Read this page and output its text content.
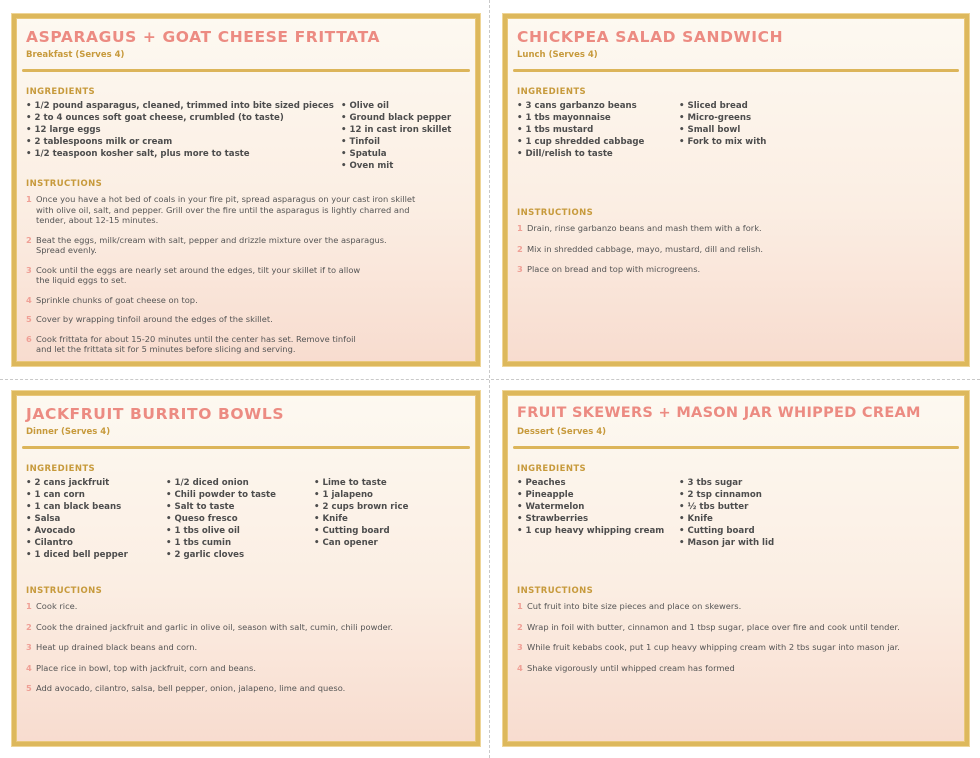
ASPARAGUS + GOAT CHEESE FRITTATA
Breakfast (Serves 4)
INGREDIENTS
• 1/2 pound asparagus, cleaned, trimmed into bite sized pieces
• 2 to 4 ounces soft goat cheese, crumbled (to taste)
• 12 large eggs
• 2 tablespoons milk or cream
• 1/2 teaspoon kosher salt, plus more to taste
• Olive oil
• Ground black pepper
• 12 in cast iron skillet
• Tinfoil
• Spatula
• Oven mit
INSTRUCTIONS
1 Once you have a hot bed of coals in your fire pit, spread asparagus on your cast iron skillet
with olive oil, salt, and pepper. Grill over the fire until the asparagus is lightly charred and
tender, about 12-15 minutes.
2 Beat the eggs, milk/cream with salt, pepper and drizzle mixture over the asparagus.
Spread evenly.
3 Cook until the eggs are nearly set around the edges, tilt your skillet if to allow
the liquid eggs to set.
4 Sprinkle chunks of goat cheese on top.
5 Cover by wrapping tinfoil around the edges of the skillet.
6 Cook frittata for about 15-20 minutes until the center has set. Remove tinfoil
and let the frittata sit for 5 minutes before slicing and serving.
CHICKPEA SALAD SANDWICH
Lunch (Serves 4)
INGREDIENTS
• 3 cans garbanzo beans
• 1 tbs mayonnaise
• 1 tbs mustard
• 1 cup shredded cabbage
• Dill/relish to taste
• Sliced bread
• Micro-greens
• Small bowl
• Fork to mix with
INSTRUCTIONS
1 Drain, rinse garbanzo beans and mash them with a fork.
2 Mix in shredded cabbage, mayo, mustard, dill and relish.
3 Place on bread and top with microgreens.
JACKFRUIT BURRITO BOWLS
Dinner (Serves 4)
INGREDIENTS
• 2 cans jackfruit
• 1 can corn
• 1 can black beans
• Salsa
• Avocado
• Cilantro
• 1 diced bell pepper
• 1/2 diced onion
• Chili powder to taste
• Salt to taste
• Queso fresco
• 1 tbs olive oil
• 1 tbs cumin
• 2 garlic cloves
• Lime to taste
• 1 jalapeno
• 2 cups brown rice
• Knife
• Cutting board
• Can opener
INSTRUCTIONS
1 Cook rice.
2 Cook the drained jackfruit and garlic in olive oil, season with salt, cumin, chili powder.
3 Heat up drained black beans and corn.
4 Place rice in bowl, top with jackfruit, corn and beans.
5 Add avocado, cilantro, salsa, bell pepper, onion, jalapeno, lime and queso.
FRUIT SKEWERS + MASON JAR WHIPPED CREAM
Dessert (Serves 4)
INGREDIENTS
• Peaches
• Pineapple
• Watermelon
• Strawberries
• 1 cup heavy whipping cream
• 3 tbs sugar
• 2 tsp cinnamon
• ½ tbs butter
• Knife
• Cutting board
• Mason jar with lid
INSTRUCTIONS
1 Cut fruit into bite size pieces and place on skewers.
2 Wrap in foil with butter, cinnamon and 1 tbsp sugar, place over fire and cook until tender.
3 While fruit kebabs cook, put 1 cup heavy whipping cream with 2 tbs sugar into mason jar.
4 Shake vigorously until whipped cream has formed
